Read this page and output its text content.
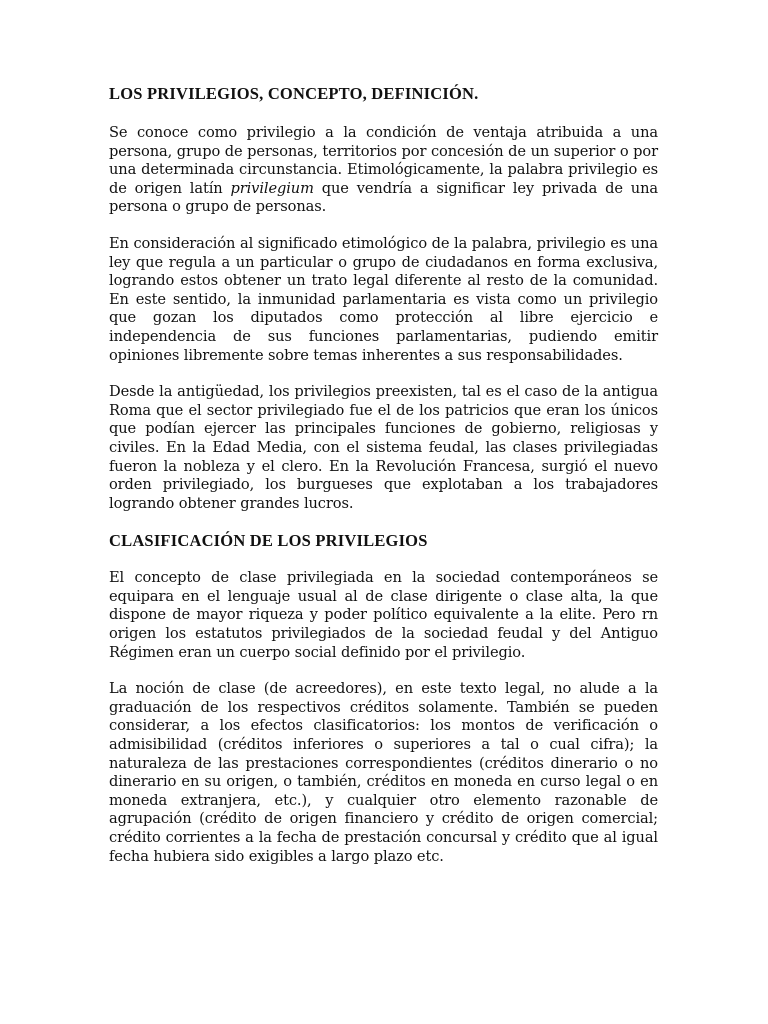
LOS PRIVILEGIOS, CONCEPTO, DEFINICIÓN.

Se conoce como privilegio a la condición de ventaja atribuida a una persona, grupo de personas, territorios por concesión de un superior o por una determinada circunstancia. Etimológicamente, la palabra privilegio es de origen latín privilegium que vendría a significar ley privada de una persona o grupo de personas.

En consideración al significado etimológico de la palabra, privilegio es una ley que regula a un particular o grupo de ciudadanos en forma exclusiva, logrando estos obtener un trato legal diferente al resto de la comunidad. En este sentido, la inmunidad parlamentaria es vista como un privilegio que gozan los diputados como protección al libre ejercicio e independencia de sus funciones parlamentarias, pudiendo emitir opiniones libremente sobre temas inherentes a sus responsabilidades.

Desde la antigüedad, los privilegios preexisten, tal es el caso de la antigua Roma que el sector privilegiado fue el de los patricios que eran los únicos que podían ejercer las principales funciones de gobierno, religiosas y civiles. En la Edad Media, con el sistema feudal, las clases privilegiadas fueron la nobleza y el clero. En la Revolución Francesa, surgió el nuevo orden privilegiado, los burgueses que explotaban a los trabajadores logrando obtener grandes lucros.

CLASIFICACIÓN DE LOS PRIVILEGIOS

El concepto de clase privilegiada en la sociedad contemporáneos se equipara en el lenguaje usual al de clase dirigente o clase alta, la que dispone de mayor riqueza y poder político equivalente a la elite. Pero rn origen los estatutos privilegiados de la sociedad feudal y del Antiguo Régimen eran un cuerpo social definido por el privilegio.

La noción de clase (de acreedores), en este texto legal, no alude a la graduación de los respectivos créditos solamente. También se pueden considerar, a los efectos clasificatorios: los montos de verificación o admisibilidad (créditos inferiores o superiores a tal o cual cifra); la naturaleza de las prestaciones correspondientes (créditos dinerario o no dinerario en su origen, o también, créditos en moneda en curso legal o en moneda extranjera, etc.), y cualquier otro elemento razonable de agrupación (crédito de origen financiero y crédito de origen comercial; crédito corrientes a la fecha de prestación concursal y crédito que al igual fecha hubiera sido exigibles a largo plazo etc.
